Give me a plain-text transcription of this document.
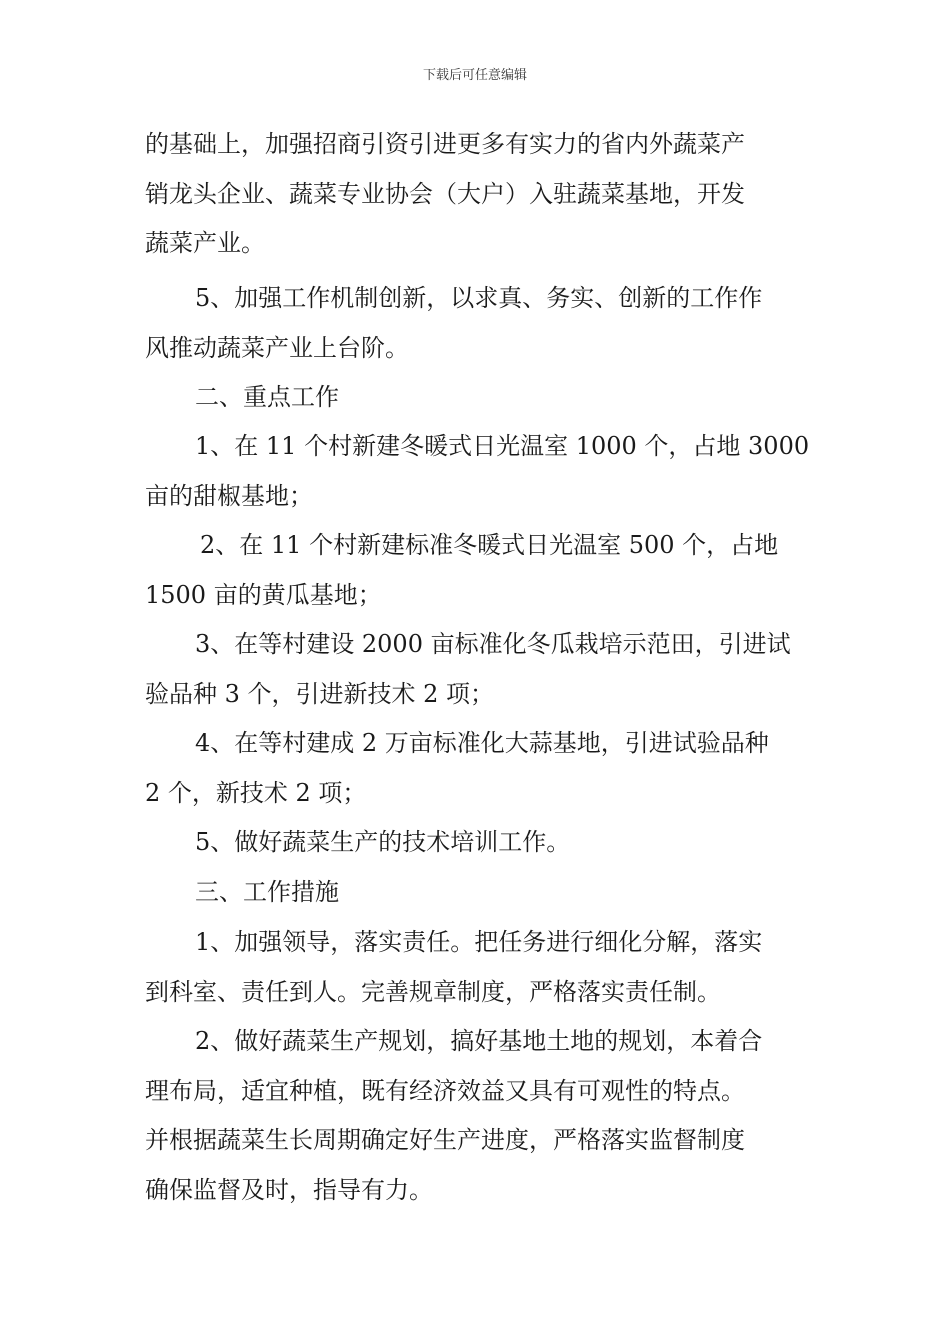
下载后可任意编辑
的基础上，加强招商引资引进更多有实力的省内外蔬菜产
销龙头企业、蔬菜专业协会（大户）入驻蔬菜基地，开发
蔬菜产业。
5、加强工作机制创新，以求真、务实、创新的工作作
风推动蔬菜产业上台阶。
二、重点工作
1、在 11 个村新建冬暖式日光温室 1000 个，占地 3000
亩的甜椒基地；
2、在 11 个村新建标准冬暖式日光温室 500 个，占地
1500 亩的黄瓜基地；
3、在等村建设 2000 亩标准化冬瓜栽培示范田，引进试
验品种 3 个，引进新技术 2 项；
4、在等村建成 2 万亩标准化大蒜基地，引进试验品种
2 个，新技术 2 项；
5、做好蔬菜生产的技术培训工作。
三、工作措施
1、加强领导，落实责任。把任务进行细化分解，落实
到科室、责任到人。完善规章制度，严格落实责任制。
2、做好蔬菜生产规划，搞好基地土地的规划，本着合
理布局，适宜种植，既有经济效益又具有可观性的特点。
并根据蔬菜生长周期确定好生产进度，严格落实监督制度
确保监督及时，指导有力。
